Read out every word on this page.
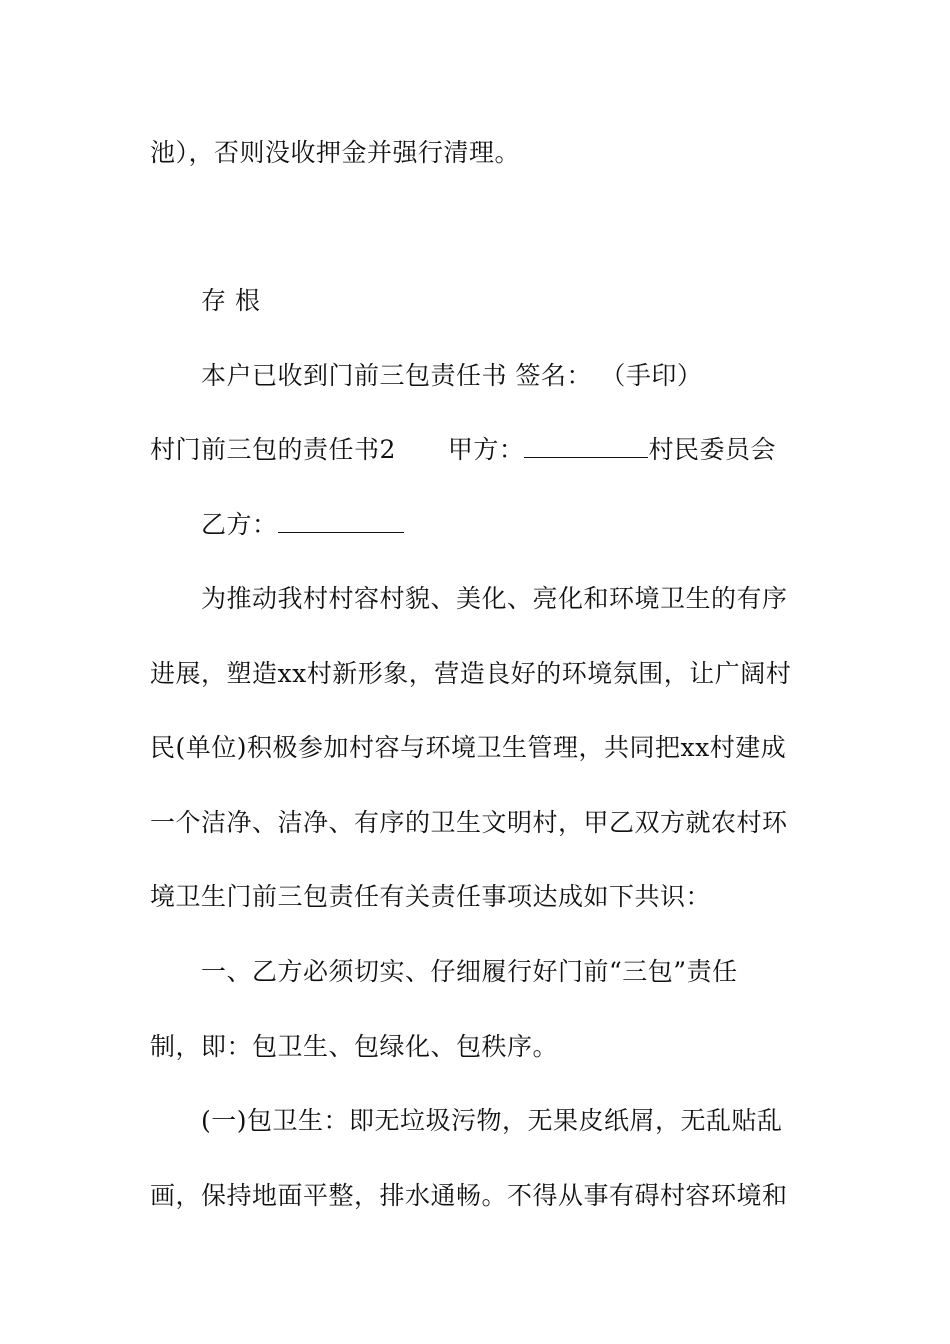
池），否则没收押金并强行清理。
存 根
本户已收到门前三包责任书 签名： （手印）
村门前三包的责任书2 甲方：	村民委员会
乙方：
为推动我村村容村貌、美化、亮化和环境卫生的有序
进展，塑造xx村新形象，营造良好的环境氛围，让广阔村
民(单位)积极参加村容与环境卫生管理，共同把xx村建成
一个洁净、洁净、有序的卫生文明村，甲乙双方就农村环
境卫生门前三包责任有关责任事项达成如下共识：
一、乙方必须切实、仔细履行好门前“三包”责任
制，即：包卫生、包绿化、包秩序。
(一)包卫生：即无垃圾污物，无果皮纸屑，无乱贴乱
画，保持地面平整，排水通畅。不得从事有碍村容环境和
